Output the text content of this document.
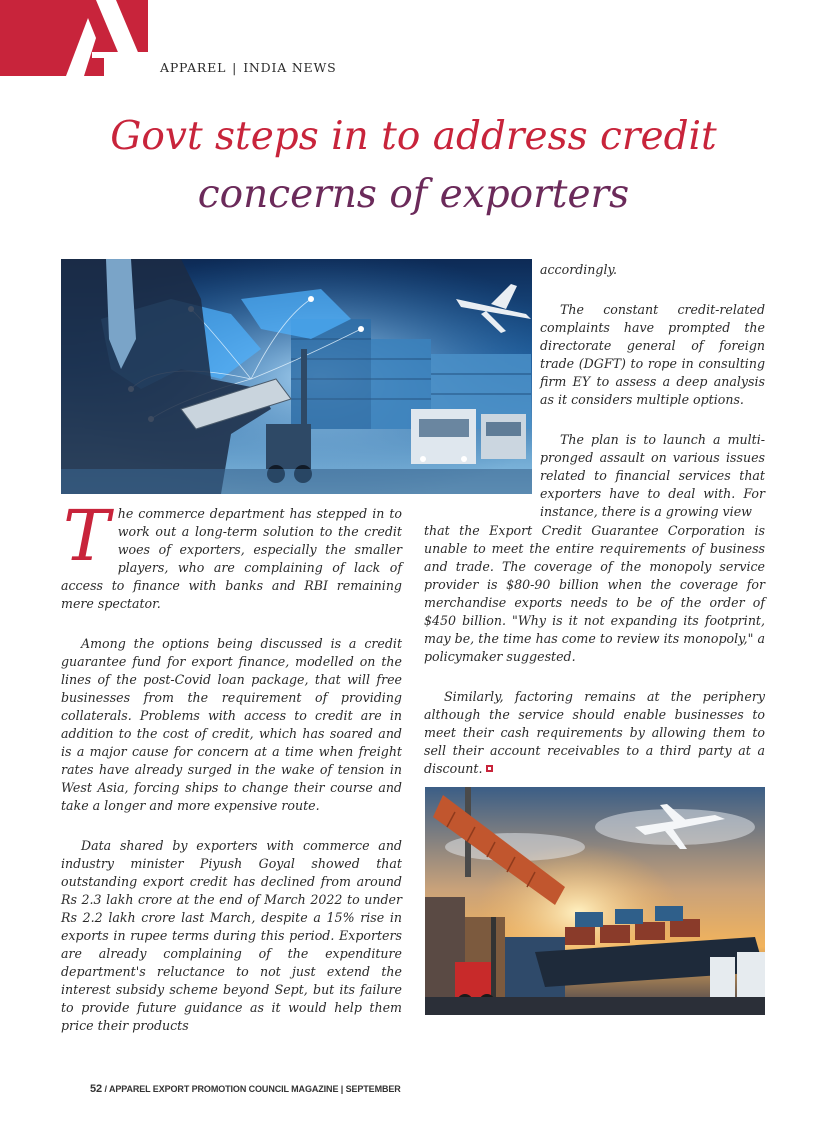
APPAREL | INDIA NEWS
Govt steps in to address credit
concerns of exporters

The commerce department has stepped in to work out a long-term solution to the credit woes of exporters, especially the smaller players, who are complaining of lack of access to finance with banks and RBI remaining mere spectator.

Among the options being discussed is a credit guarantee fund for export finance, modelled on the lines of the post-Covid loan package, that will free businesses from the requirement of providing collaterals. Problems with access to credit are in addition to the cost of credit, which has soared and is a major cause for concern at a time when freight rates have already surged in the wake of tension in West Asia, forcing ships to change their course and take a longer and more expensive route.

Data shared by exporters with commerce and industry minister Piyush Goyal showed that outstanding export credit has declined from around Rs 2.3 lakh crore at the end of March 2022 to under Rs 2.2 lakh crore last March, despite a 15% rise in exports in rupee terms during this period. Exporters are already complaining of the expenditure department's reluctance to not just extend the interest subsidy scheme beyond Sept, but its failure to provide future guidance as it would help them price their products

accordingly.

The constant credit-related complaints have prompted the directorate general of foreign trade (DGFT) to rope in consulting firm EY to assess a deep analysis as it considers multiple options.

The plan is to launch a multi-pronged assault on various issues related to financial services that exporters have to deal with. For instance, there is a growing view

that the Export Credit Guarantee Corporation is unable to meet the entire requirements of business and trade. The coverage of the monopoly service provider is $80-90 billion when the coverage for merchandise exports needs to be of the order of $450 billion. "Why is it not expanding its footprint, may be, the time has come to review its monopoly," a policymaker suggested.

Similarly, factoring remains at the periphery although the service should enable businesses to meet their cash requirements by allowing them to sell their account receivables to a third party at a discount.

52 / APPAREL EXPORT PROMOTION COUNCIL MAGAZINE | SEPTEMBER
